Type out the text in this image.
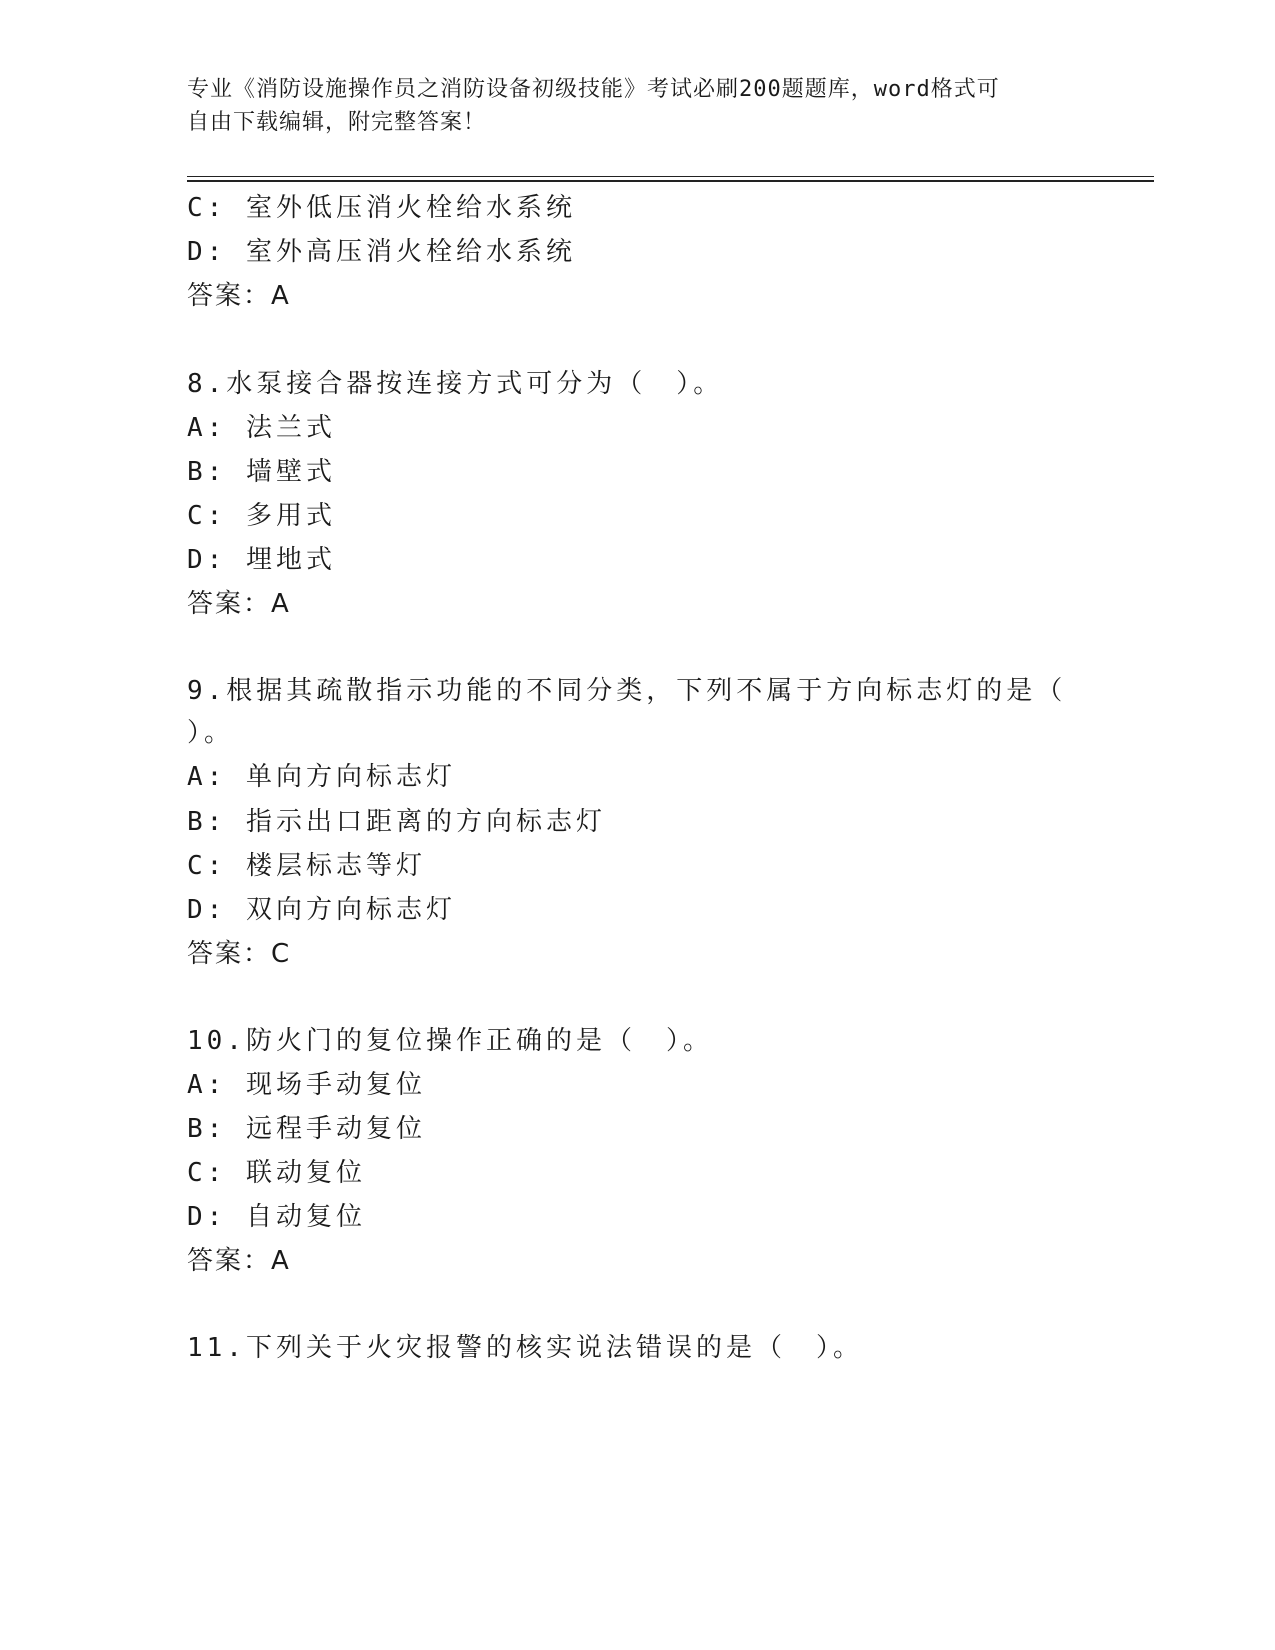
专业《消防设施操作员之消防设备初级技能》考试必刷200题题库，word格式可
自由下载编辑，附完整答案！
C: 室外低压消火栓给水系统
D: 室外高压消火栓给水系统
答案：A
8.水泵接合器按连接方式可分为（　）。
A: 法兰式
B: 墙壁式
C: 多用式
D: 埋地式
答案：A
9.根据其疏散指示功能的不同分类，下列不属于方向标志灯的是（
）。
A: 单向方向标志灯
B: 指示出口距离的方向标志灯
C: 楼层标志等灯
D: 双向方向标志灯
答案：C
10.防火门的复位操作正确的是（　）。
A: 现场手动复位
B: 远程手动复位
C: 联动复位
D: 自动复位
答案：A
11.下列关于火灾报警的核实说法错误的是（　）。
